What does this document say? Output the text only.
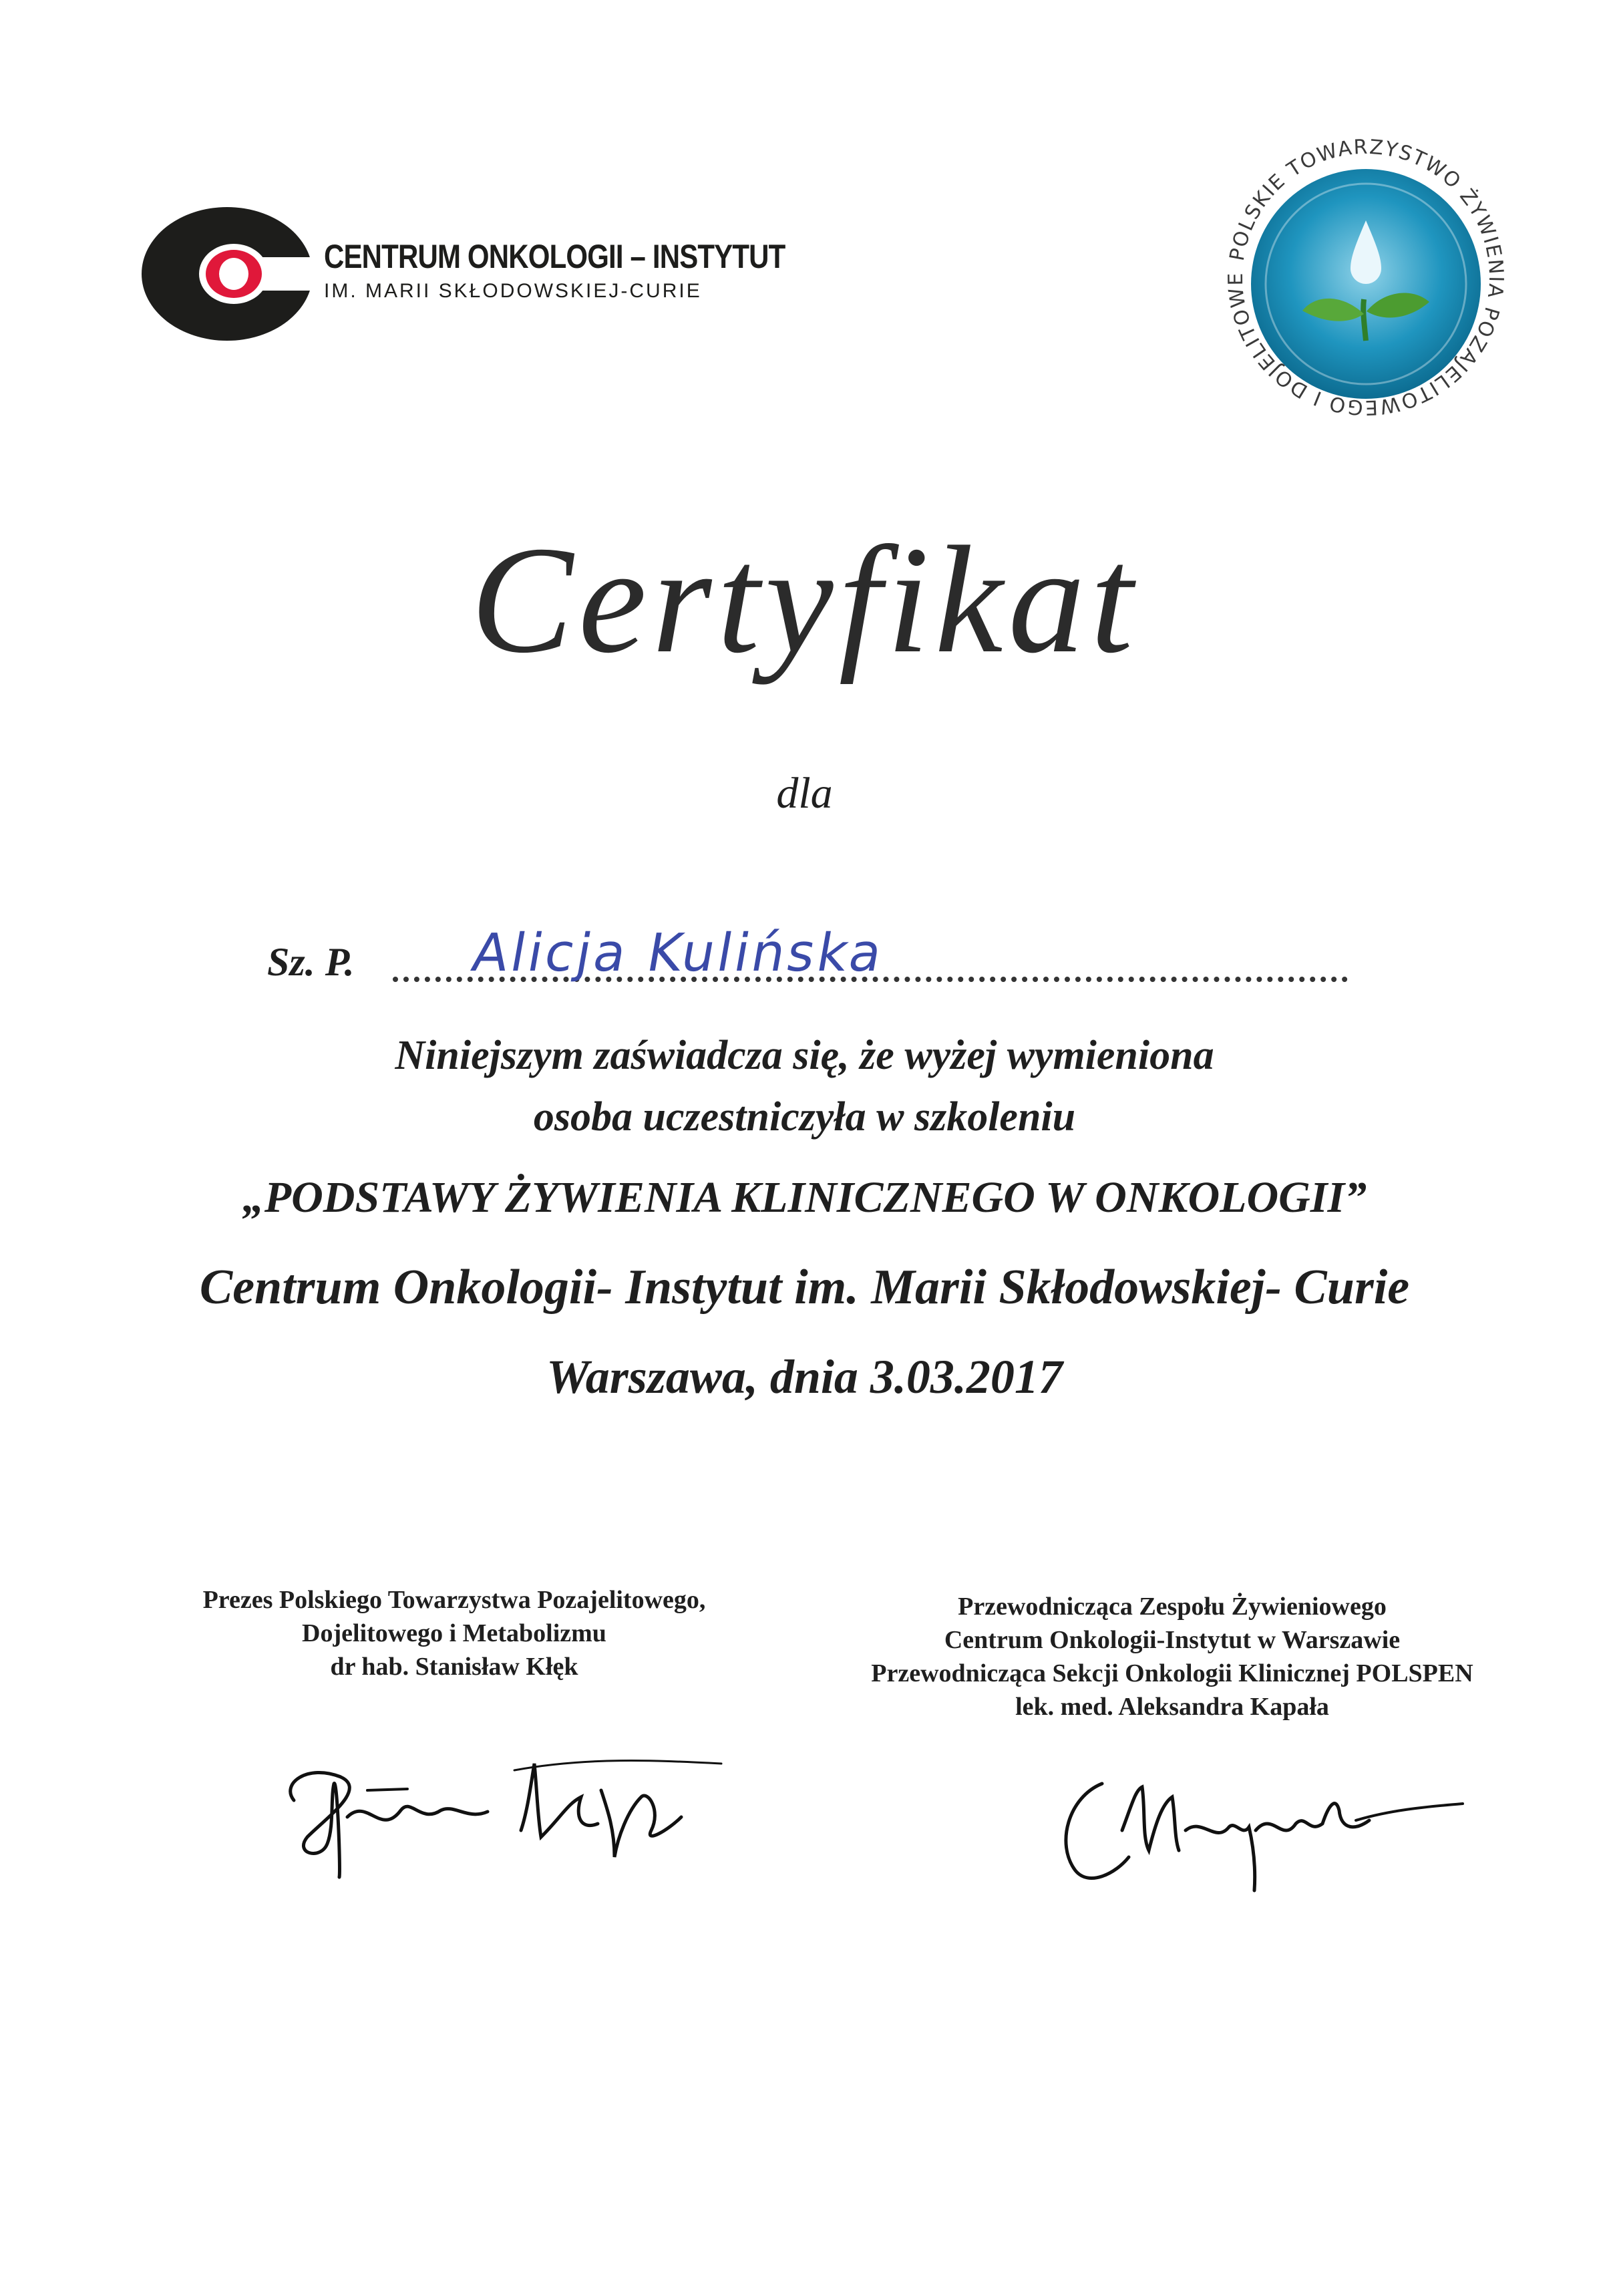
CENTRUM ONKOLOGII – INSTYTUT
IM. MARII SKŁODOWSKIEJ-CURIE
POLSKIE TOWARZYSTWO ŻYWIENIA POZAJELITOWEGO I DOJELITOWE
Certyfikat
dla
Sz. P. Alicja Kulińska
Niniejszym zaświadcza się, że wyżej wymieniona
osoba uczestniczyła w szkoleniu
„PODSTAWY ŻYWIENIA KLINICZNEGO W ONKOLOGII”
Centrum Onkologii- Instytut im. Marii Skłodowskiej- Curie
Warszawa, dnia 3.03.2017
Prezes Polskiego Towarzystwa Pozajelitowego,
Dojelitowego i Metabolizmu
dr hab. Stanisław Kłęk
Przewodnicząca Zespołu Żywieniowego
Centrum Onkologii-Instytut w Warszawie
Przewodnicząca Sekcji Onkologii Klinicznej POLSPEN
lek. med. Aleksandra Kapała
